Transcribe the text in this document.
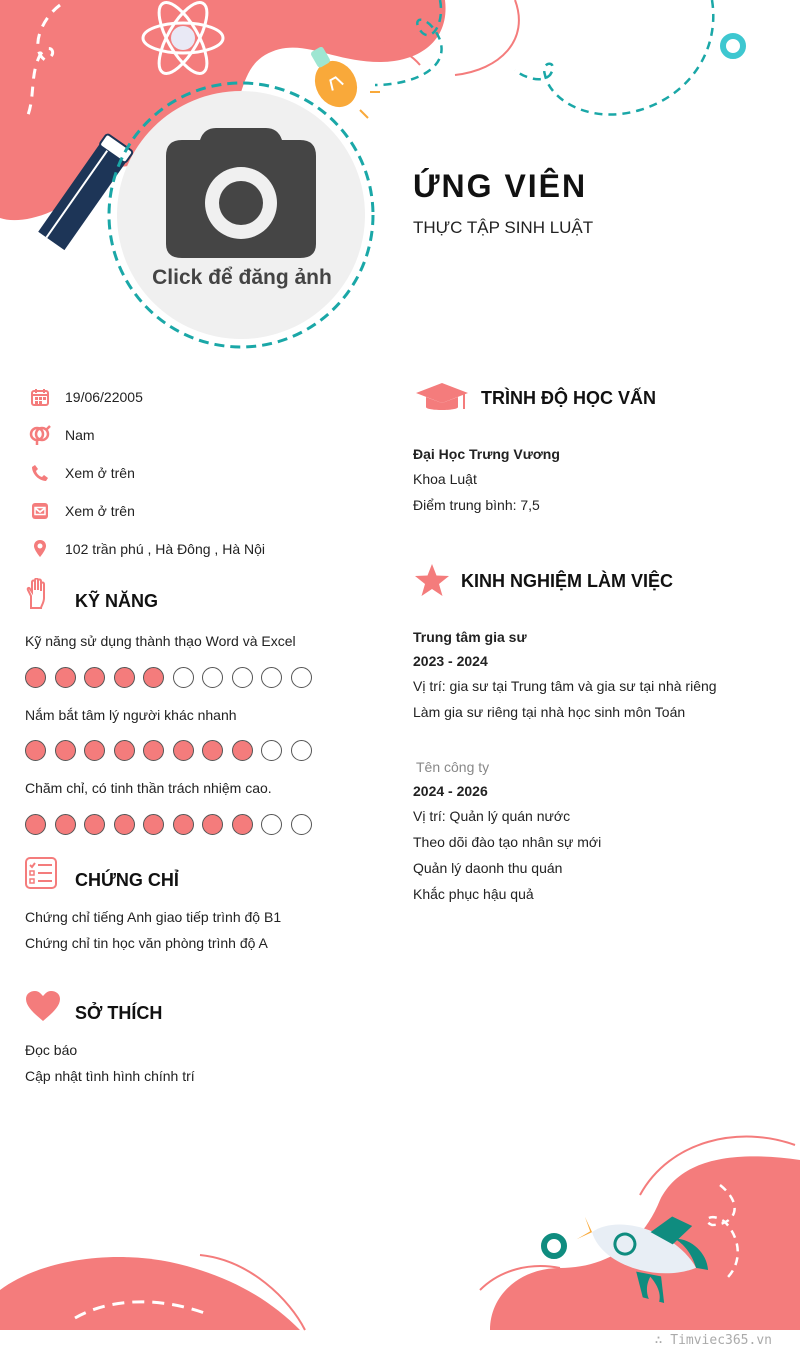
Click để đăng ảnh
ỨNG VIÊN
THỰC TẬP SINH LUẬT
19/06/22005
Nam
Xem ở trên
Xem ở trên
102 trần phú , Hà Đông , Hà Nội
KỸ NĂNG
Kỹ năng sử dụng thành thạo Word và Excel
Nắm bắt tâm lý người khác nhanh
Chăm chỉ, có tinh thần trách nhiệm cao.
CHỨNG CHỈ
Chứng chỉ tiếng Anh giao tiếp trình độ B1
Chứng chỉ tin học văn phòng trình độ A
SỞ THÍCH
Đọc báo
Cập nhật tình hình chính trí
TRÌNH ĐỘ HỌC VẤN
Đại Học Trưng Vương
Khoa Luật
Điểm trung bình: 7,5
KINH NGHIỆM LÀM VIỆC
Trung tâm gia sư
2023 - 2024
Vị trí: gia sư tại Trung tâm và gia sư tại nhà riêng
Làm gia sư riêng tại nhà học sinh môn Toán
Tên công ty
2024 - 2026
Vị trí: Quản lý quán nước
Theo dõi đào tạo nhân sự mới
Quản lý daonh thu quán
Khắc phục hậu quả
∴ Timviec365.vn
